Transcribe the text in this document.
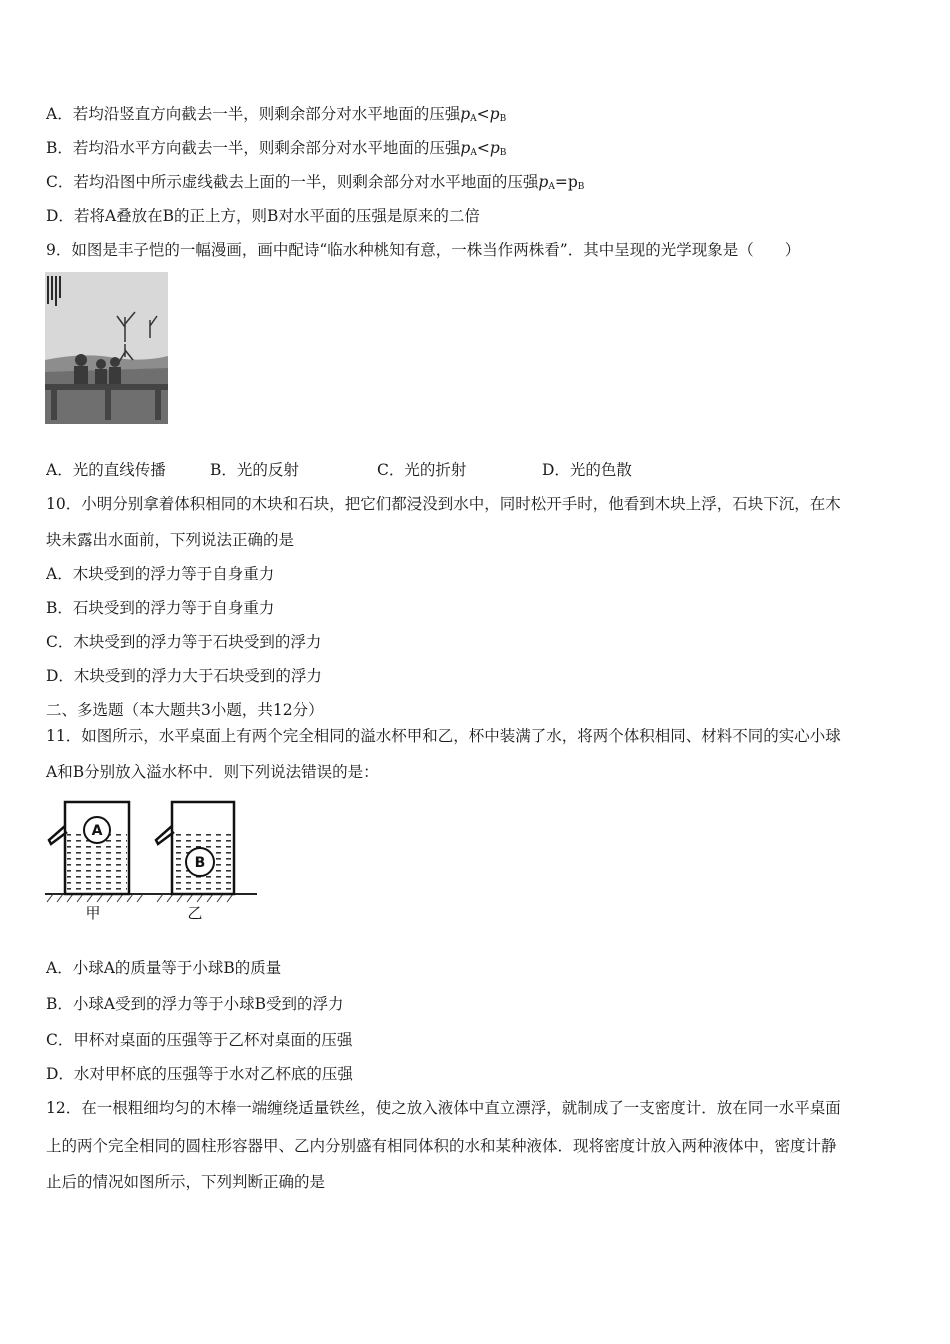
A．若均沿竖直方向截去一半，则剩余部分对水平地面的压强$p_A<p_B$
B．若均沿水平方向截去一半，则剩余部分对水平地面的压强$p_A<p_B$
C．若均沿图中所示虚线截去上面的一半，则剩余部分对水平地面的压强$p_A=p_B$
D．若将A叠放在B的正上方，则B对水平面的压强是原来的二倍
9．如图是丰子恺的一幅漫画，画中配诗“临水种桃知有意，一株当作两株看”．其中呈现的光学现象是（　　）
A．光的直线传播	B．光的反射	C．光的折射	D．光的色散
10．小明分别拿着体积相同的木块和石块，把它们都浸没到水中，同时松开手时，他看到木块上浮，石块下沉，在木
块未露出水面前，下列说法正确的是
A．木块受到的浮力等于自身重力
B．石块受到的浮力等于自身重力
C．木块受到的浮力等于石块受到的浮力
D．木块受到的浮力大于石块受到的浮力
二、多选题（本大题共3小题，共12分）
11．如图所示，水平桌面上有两个完全相同的溢水杯甲和乙，杯中装满了水，将两个体积相同、材料不同的实心小球
A和B分别放入溢水杯中．则下列说法错误的是：
A
B
甲	乙
A．小球A的质量等于小球B的质量
B．小球A受到的浮力等于小球B受到的浮力
C．甲杯对桌面的压强等于乙杯对桌面的压强
D．水对甲杯底的压强等于水对乙杯底的压强
12．在一根粗细均匀的木棒一端缠绕适量铁丝，使之放入液体中直立漂浮，就制成了一支密度计．放在同一水平桌面
上的两个完全相同的圆柱形容器甲、乙内分别盛有相同体积的水和某种液体．现将密度计放入两种液体中，密度计静
止后的情况如图所示，下列判断正确的是
